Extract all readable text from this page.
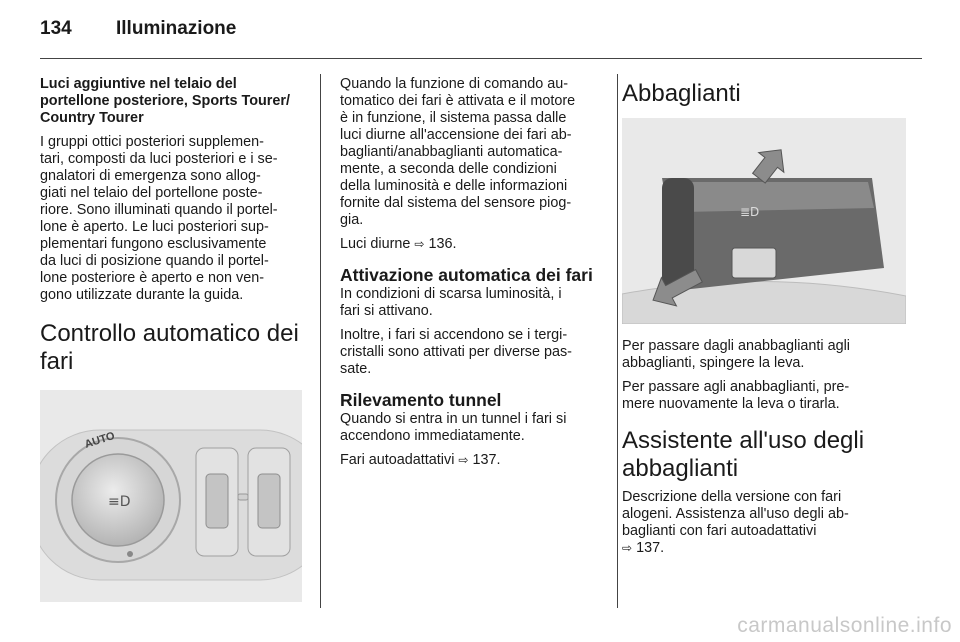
134 Illuminazione

Luci aggiuntive nel telaio del
portellone posteriore, Sports Tourer/
Country Tourer

I gruppi ottici posteriori supplemen-
tari, composti da luci posteriori e i se-
gnalatori di emergenza sono allog-
giati nel telaio del portellone poste-
riore. Sono illuminati quando il portel-
lone è aperto. Le luci posteriori sup-
plementari fungono esclusivamente
da luci di posizione quando il portel-
lone posteriore è aperto e non ven-
gono utilizzate durante la guida.

Controllo automatico dei
fari
≡D
AUTO

Quando la funzione di comando au-
tomatico dei fari è attivata e il motore
è in funzione, il sistema passa dalle
luci diurne all'accensione dei fari ab-
baglianti/anabbaglianti automatica-
mente, a seconda delle condizioni
della luminosità e delle informazioni
fornite dal sistema del sensore piog-
gia.

Luci diurne ⇨ 136.

Attivazione automatica dei fari

In condizioni di scarsa luminosità, i
fari si attivano.

Inoltre, i fari si accendono se i tergi-
cristalli sono attivati per diverse pas-
sate.

Rilevamento tunnel

Quando si entra in un tunnel i fari si
accendono immediatamente.

Fari autoadattativi ⇨ 137.

Abbaglianti
≣D

Per passare dagli anabbaglianti agli
abbaglianti, spingere la leva.

Per passare agli anabbaglianti, pre-
mere nuovamente la leva o tirarla.

Assistente all'uso degli
abbaglianti

Descrizione della versione con fari
alogeni. Assistenza all'uso degli ab-
baglianti con fari autoadattativi
⇨ 137.

carmanualsonline.info
